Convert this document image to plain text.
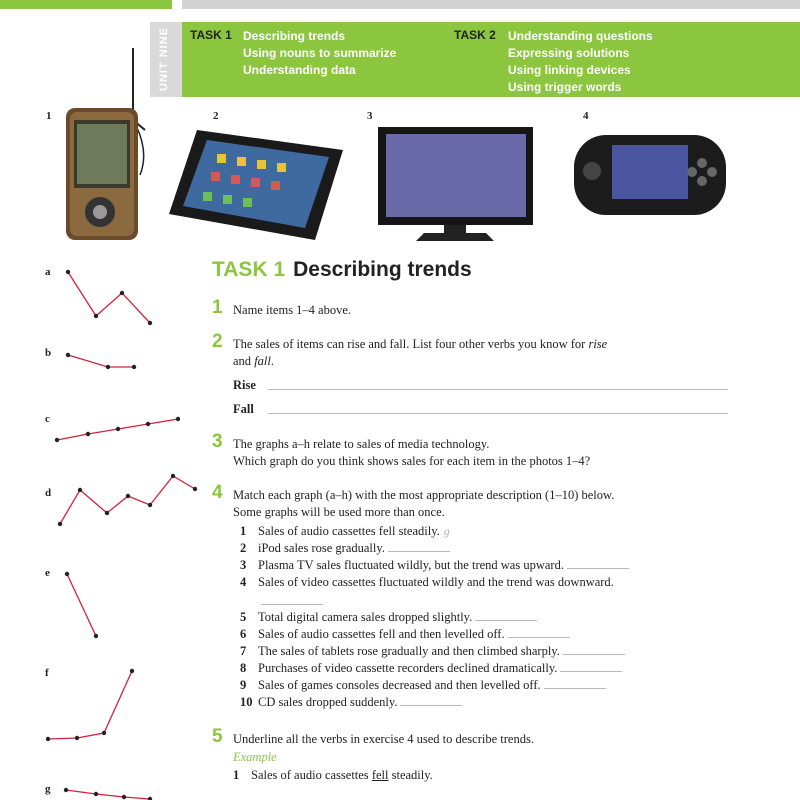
UNIT NINE	TASK 1 Describing trends
Using nouns to summarize
Understanding data
TASK 2 Understanding questions
Expressing solutions
Using linking devices
Using trigger words
1	2	3	4
a
b
c
d
e
f
g
TASK 1 Describing trends
1 Name items 1–4 above.
2 The sales of items can rise and fall. List four other verbs you know for rise
and fall.
Rise
Fall
3 The graphs a–h relate to sales of media technology.
Which graph do you think shows sales for each item in the photos 1–4?
4 Match each graph (a–h) with the most appropriate description (1–10) below.
Some graphs will be used more than once.
1 Sales of audio cassettes fell steadily. g
2 iPod sales rose gradually.
3 Plasma TV sales fluctuated wildly, but the trend was upward.
4 Sales of video cassettes fluctuated wildly and the trend was downward.
5 Total digital camera sales dropped slightly.
6 Sales of audio cassettes fell and then levelled off.
7 The sales of tablets rose gradually and then climbed sharply.
8 Purchases of video cassette recorders declined dramatically.
9 Sales of games consoles decreased and then levelled off.
10 CD sales dropped suddenly.
5 Underline all the verbs in exercise 4 used to describe trends.
Example
1 Sales of audio cassettes fell steadily.
